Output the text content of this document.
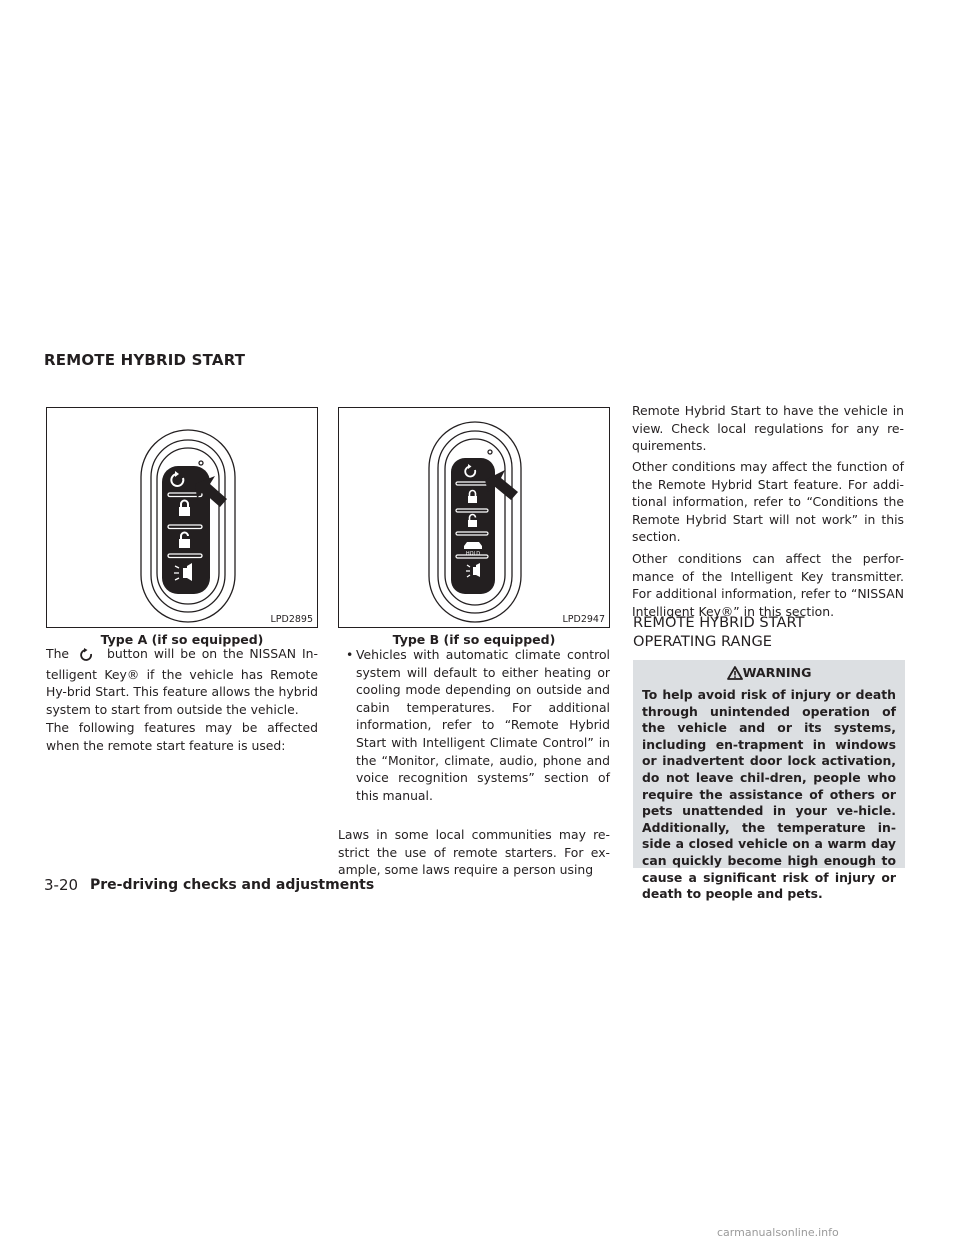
REMOTE HYBRID START
LPD2895
Type A (if so equipped)
HOLD
LPD2947
Type B (if so equipped)

The	button will be on the NISSAN In-telligent Key® if the vehicle has Remote Hy-brid Start. This feature allows the hybrid system to start from outside the vehicle.

The following features may be affected when the remote start feature is used:

• Vehicles with automatic climate control system will default to either heating or cooling mode depending on outside and cabin temperatures. For additional information, refer to “Remote Hybrid Start with Intelligent Climate Control” in the “Monitor, climate, audio, phone and voice recognition systems” section of this manual.

Laws in some local communities may re-strict the use of remote starters. For ex-ample, some laws require a person using

Remote Hybrid Start to have the vehicle in view. Check local regulations for any re-quirements.

Other conditions may affect the function of the Remote Hybrid Start feature. For addi-tional information, refer to “Conditions the Remote Hybrid Start will not work” in this section.

Other conditions can affect the perfor-mance of the Intelligent Key transmitter. For additional information, refer to “NISSAN Intelligent Key®” in this section.

REMOTE HYBRID START
OPERATING RANGE
WARNING

To help avoid risk of injury or death through unintended operation of the vehicle and or its systems, including en-trapment in windows or inadvertent door lock activation, do not leave chil-dren, people who require the assistance of others or pets unattended in your ve-hicle. Additionally, the temperature in-side a closed vehicle on a warm day can quickly become high enough to cause a significant risk of injury or death to people and pets.

3-20 Pre-driving checks and adjustments
carmanualsonline.info
